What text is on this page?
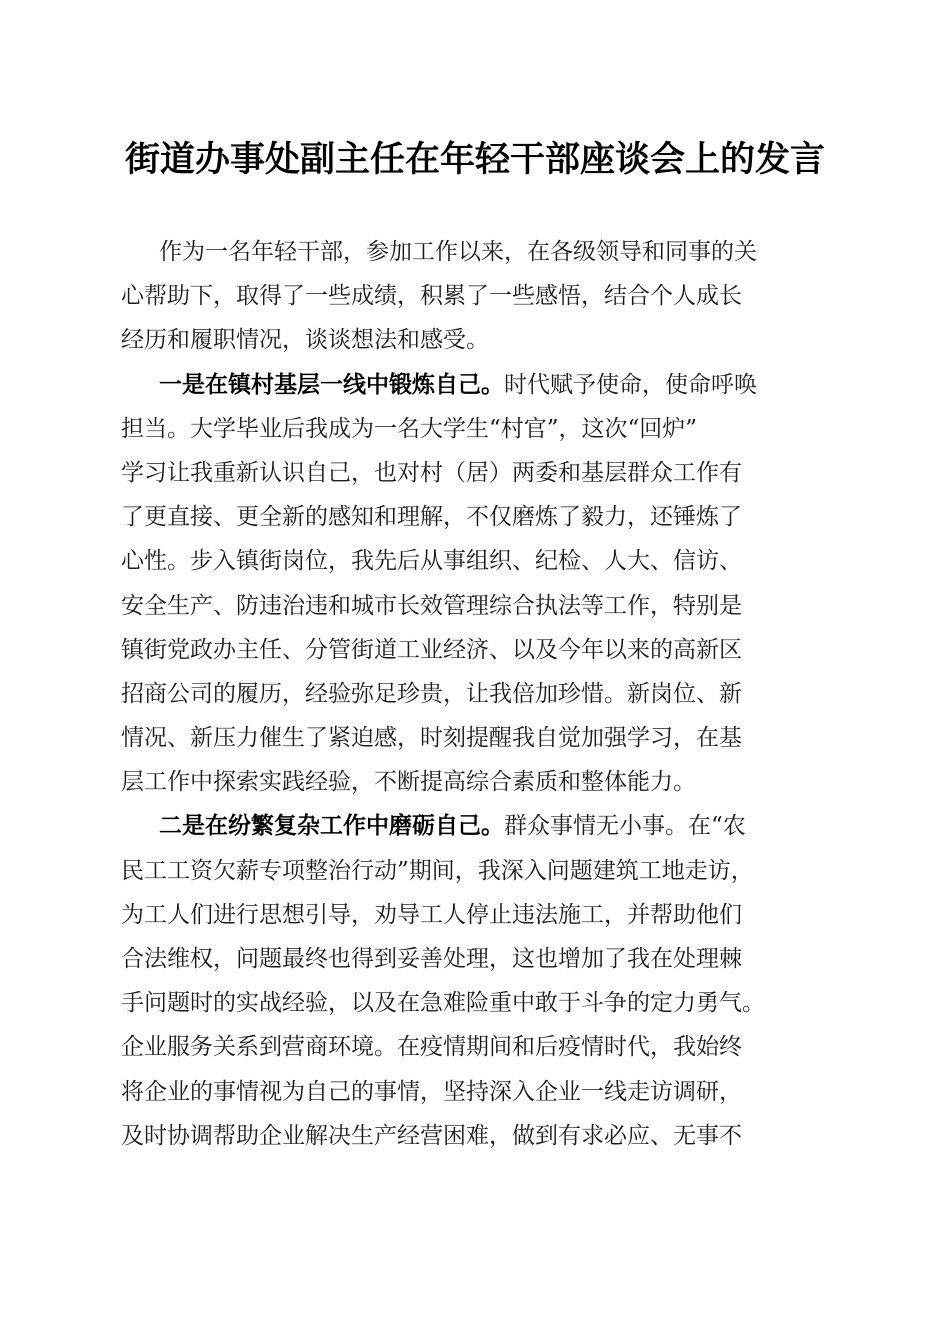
街道办事处副主任在年轻干部座谈会上的发言
作为一名年轻干部，参加工作以来，在各级领导和同事的关
心帮助下，取得了一些成绩，积累了一些感悟，结合个人成长
经历和履职情况，谈谈想法和感受。
一是在镇村基层一线中锻炼自己。时代赋予使命，使命呼唤
担当。大学毕业后我成为一名大学生“村官”，这次“回炉”
学习让我重新认识自己，也对村（居）两委和基层群众工作有
了更直接、更全新的感知和理解，不仅磨炼了毅力，还锤炼了
心性。步入镇街岗位，我先后从事组织、纪检、人大、信访、
安全生产、防违治违和城市长效管理综合执法等工作，特别是
镇街党政办主任、分管街道工业经济、以及今年以来的高新区
招商公司的履历，经验弥足珍贵，让我倍加珍惜。新岗位、新
情况、新压力催生了紧迫感，时刻提醒我自觉加强学习，在基
层工作中探索实践经验，不断提高综合素质和整体能力。
二是在纷繁复杂工作中磨砺自己。群众事情无小事。在“农
民工工资欠薪专项整治行动”期间，我深入问题建筑工地走访，
为工人们进行思想引导，劝导工人停止违法施工，并帮助他们
合法维权，问题最终也得到妥善处理，这也增加了我在处理棘
手问题时的实战经验，以及在急难险重中敢于斗争的定力勇气。
企业服务关系到营商环境。在疫情期间和后疫情时代，我始终
将企业的事情视为自己的事情，坚持深入企业一线走访调研，
及时协调帮助企业解决生产经营困难，做到有求必应、无事不
